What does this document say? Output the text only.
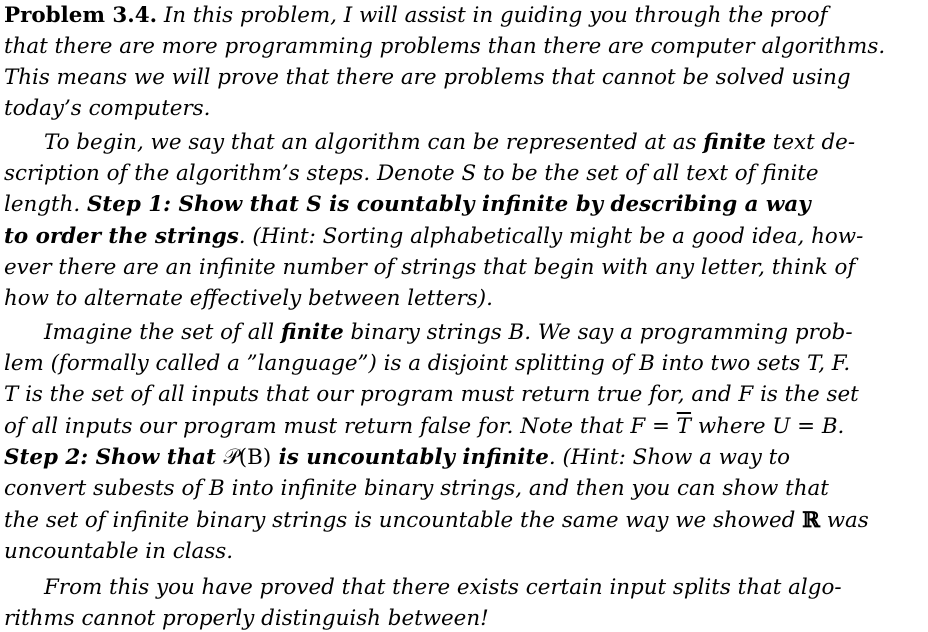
Problem 3.4. In this problem, I will assist in guiding you through the proof
that there are more programming problems than there are computer algorithms.
This means we will prove that there are problems that cannot be solved using
today’s computers.
To begin, we say that an algorithm can be represented at as finite text de-
scription of the algorithm’s steps. Denote S to be the set of all text of finite
length. Step 1: Show that S is countably infinite by describing a way
to order the strings. (Hint: Sorting alphabetically might be a good idea, how-
ever there are an infinite number of strings that begin with any letter, think of
how to alternate effectively between letters).
Imagine the set of all finite binary strings B. We say a programming prob-
lem (formally called a ”language”) is a disjoint splitting of B into two sets T, F.
T is the set of all inputs that our program must return true for, and F is the set
of all inputs our program must return false for. Note that $F = \overline{T}$ where U = B.
Step 2: Show that 𝒫(B) is uncountably infinite. (Hint: Show a way to
convert subests of B into infinite binary strings, and then you can show that
the set of infinite binary strings is uncountable the same way we showed ℝ was
uncountable in class.
From this you have proved that there exists certain input splits that algo-
rithms cannot properly distinguish between!
